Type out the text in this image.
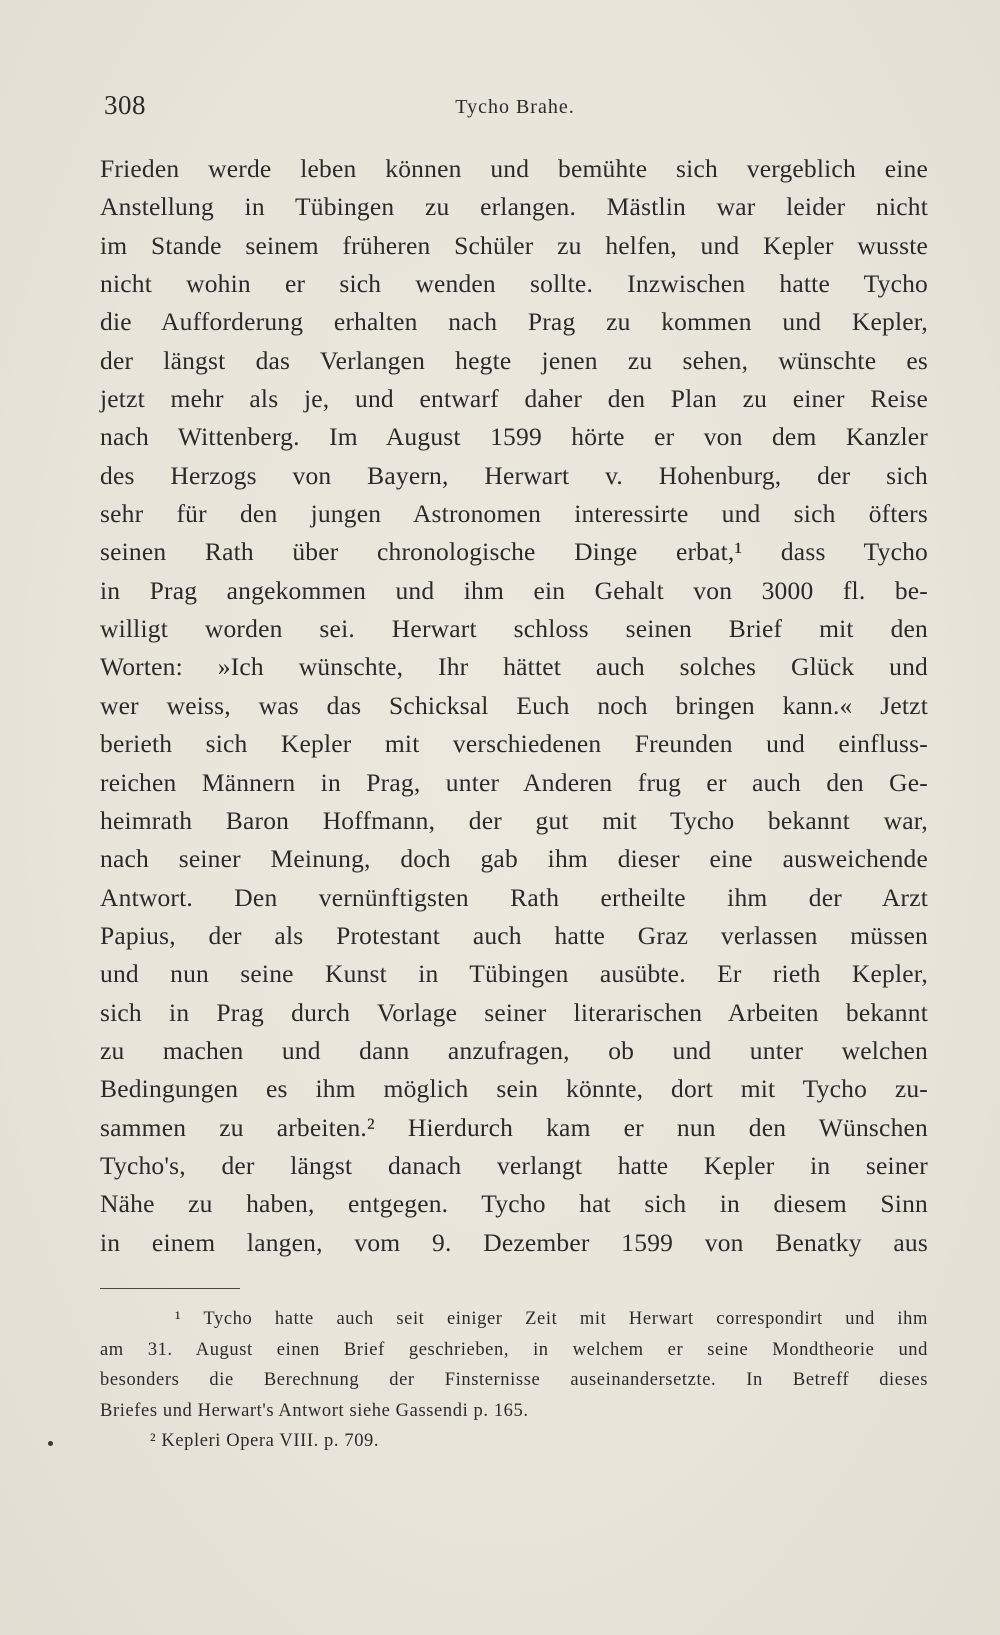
308	Tycho Brahe.
Frieden werde leben können und bemühte sich vergeblich eine
Anstellung in Tübingen zu erlangen. Mästlin war leider nicht
im Stande seinem früheren Schüler zu helfen, und Kepler wusste
nicht wohin er sich wenden sollte. Inzwischen hatte Tycho
die Aufforderung erhalten nach Prag zu kommen und Kepler,
der längst das Verlangen hegte jenen zu sehen, wünschte es
jetzt mehr als je, und entwarf daher den Plan zu einer Reise
nach Wittenberg. Im August 1599 hörte er von dem Kanzler
des Herzogs von Bayern, Herwart v. Hohenburg, der sich
sehr für den jungen Astronomen interessirte und sich öfters
seinen Rath über chronologische Dinge erbat,¹ dass Tycho
in Prag angekommen und ihm ein Gehalt von 3000 fl. be-
willigt worden sei. Herwart schloss seinen Brief mit den
Worten: »Ich wünschte, Ihr hättet auch solches Glück und
wer weiss, was das Schicksal Euch noch bringen kann.« Jetzt
berieth sich Kepler mit verschiedenen Freunden und einfluss-
reichen Männern in Prag, unter Anderen frug er auch den Ge-
heimrath Baron Hoffmann, der gut mit Tycho bekannt war,
nach seiner Meinung, doch gab ihm dieser eine ausweichende
Antwort. Den vernünftigsten Rath ertheilte ihm der Arzt
Papius, der als Protestant auch hatte Graz verlassen müssen
und nun seine Kunst in Tübingen ausübte. Er rieth Kepler,
sich in Prag durch Vorlage seiner literarischen Arbeiten bekannt
zu machen und dann anzufragen, ob und unter welchen
Bedingungen es ihm möglich sein könnte, dort mit Tycho zu-
sammen zu arbeiten.² Hierdurch kam er nun den Wünschen
Tycho's, der längst danach verlangt hatte Kepler in seiner
Nähe zu haben, entgegen. Tycho hat sich in diesem Sinn
in einem langen, vom 9. Dezember 1599 von Benatky aus
¹ Tycho hatte auch seit einiger Zeit mit Herwart correspondirt und ihm
am 31. August einen Brief geschrieben, in welchem er seine Mondtheorie und
besonders die Berechnung der Finsternisse auseinandersetzte. In Betreff dieses
Briefes und Herwart's Antwort siehe Gassendi p. 165.
² Kepleri Opera VIII. p. 709.
